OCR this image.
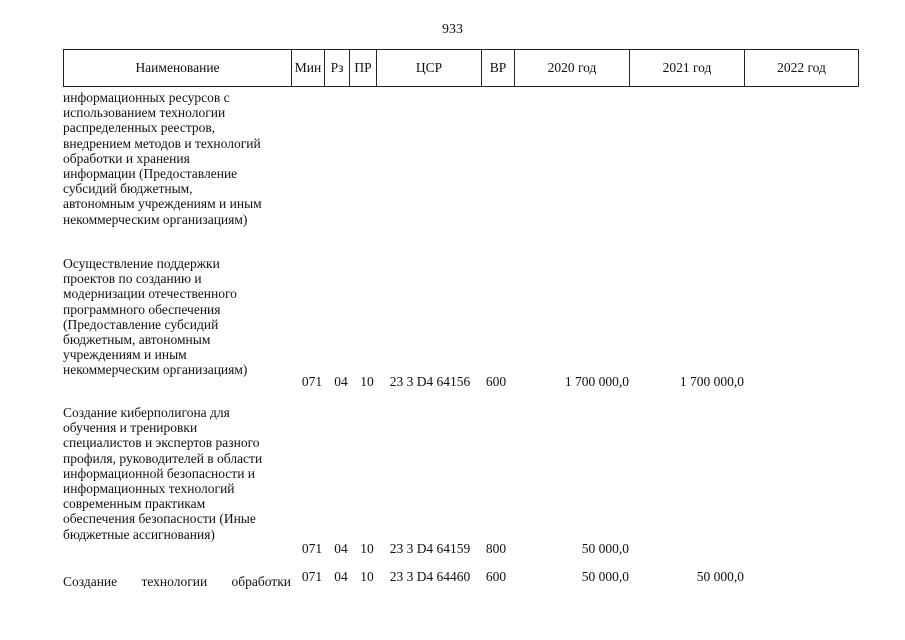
933
Наименование	Мин Рз ПР	ЦСР	ВР	2020 год	2021 год	2022 год
информационных ресурсов с
использованием технологии
распределенных реестров,
внедрением методов и технологий
обработки и хранения
информации (Предоставление
субсидий бюджетным,
автономным учреждениям и иным
некоммерческим организациям)
Осуществление поддержки
проектов по созданию и
модернизации отечественного
программного обеспечения
(Предоставление субсидий
бюджетным, автономным
учреждениям и иным
некоммерческим организациям)
071 04 10	23 3 D4 64156	600	1 700 000,0	1 700 000,0
Создание киберполигона для
обучения и тренировки
специалистов и экспертов разного
профиля, руководителей в области
информационной безопасности и
информационных технологий
современным практикам
обеспечения безопасности (Иные
бюджетные ассигнования)
071 04 10	23 3 D4 64159	800	50 000,0
Создание технологии обработки 071 04 10	23 3 D4 64460	600	50 000,0	50 000,0
